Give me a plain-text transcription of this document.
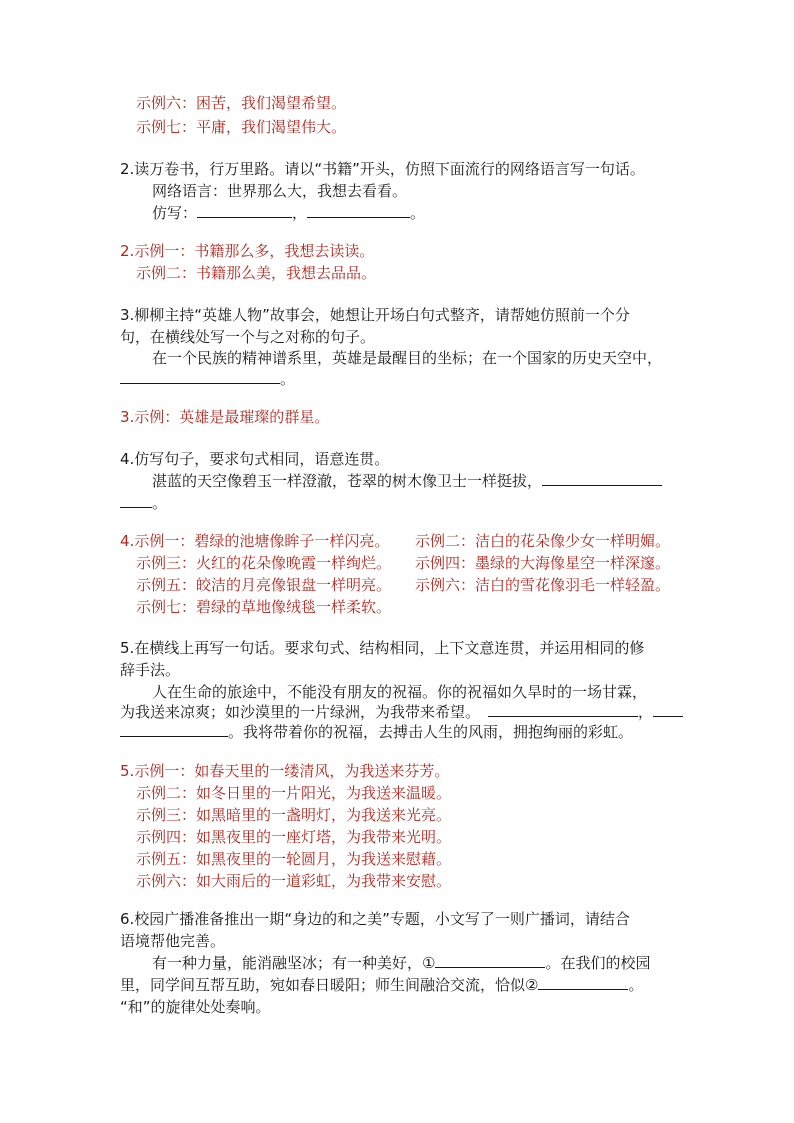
示例六：困苦，我们渴望希望。
示例七：平庸，我们渴望伟大。
2.读万卷书，行万里路。请以“书籍”开头，仿照下面流行的网络语言写一句话。
网络语言：世界那么大，我想去看看。
仿写：	，	。
2.示例一：书籍那么多，我想去读读。
示例二：书籍那么美，我想去品品。
3.柳柳主持“英雄人物”故事会，她想让开场白句式整齐，请帮她仿照前一个分
句，在横线处写一个与之对称的句子。
在一个民族的精神谱系里，英雄是最醒目的坐标；在一个国家的历史天空中，
。
3.示例：英雄是最璀璨的群星。
4.仿写句子，要求句式相同，语意连贯。
湛蓝的天空像碧玉一样澄澈，苍翠的树木像卫士一样挺拔，
。
4.示例一：碧绿的池塘像眸子一样闪亮。 示例二：洁白的花朵像少女一样明媚。
示例三：火红的花朵像晚霞一样绚烂。 示例四：墨绿的大海像星空一样深邃。
示例五：皎洁的月亮像银盘一样明亮。 示例六：洁白的雪花像羽毛一样轻盈。
示例七：碧绿的草地像绒毯一样柔软。
5.在横线上再写一句话。要求句式、结构相同，上下文意连贯，并运用相同的修
辞手法。
人在生命的旅途中，不能没有朋友的祝福。你的祝福如久旱时的一场甘霖，
为我送来凉爽；如沙漠里的一片绿洲，为我带来希望。	，
。我将带着你的祝福，去搏击人生的风雨，拥抱绚丽的彩虹。
5.示例一：如春天里的一缕清风，为我送来芬芳。
示例二：如冬日里的一片阳光，为我送来温暖。
示例三：如黑暗里的一盏明灯，为我送来光亮。
示例四：如黑夜里的一座灯塔，为我带来光明。
示例五：如黑夜里的一轮圆月，为我送来慰藉。
示例六：如大雨后的一道彩虹，为我带来安慰。
6.校园广播准备推出一期“身边的和之美”专题，小文写了一则广播词，请结合
语境帮他完善。
有一种力量，能消融坚冰；有一种美好，①	。在我们的校园
里，同学间互帮互助，宛如春日暖阳；师生间融洽交流，恰似②	。
“和”的旋律处处奏响。
